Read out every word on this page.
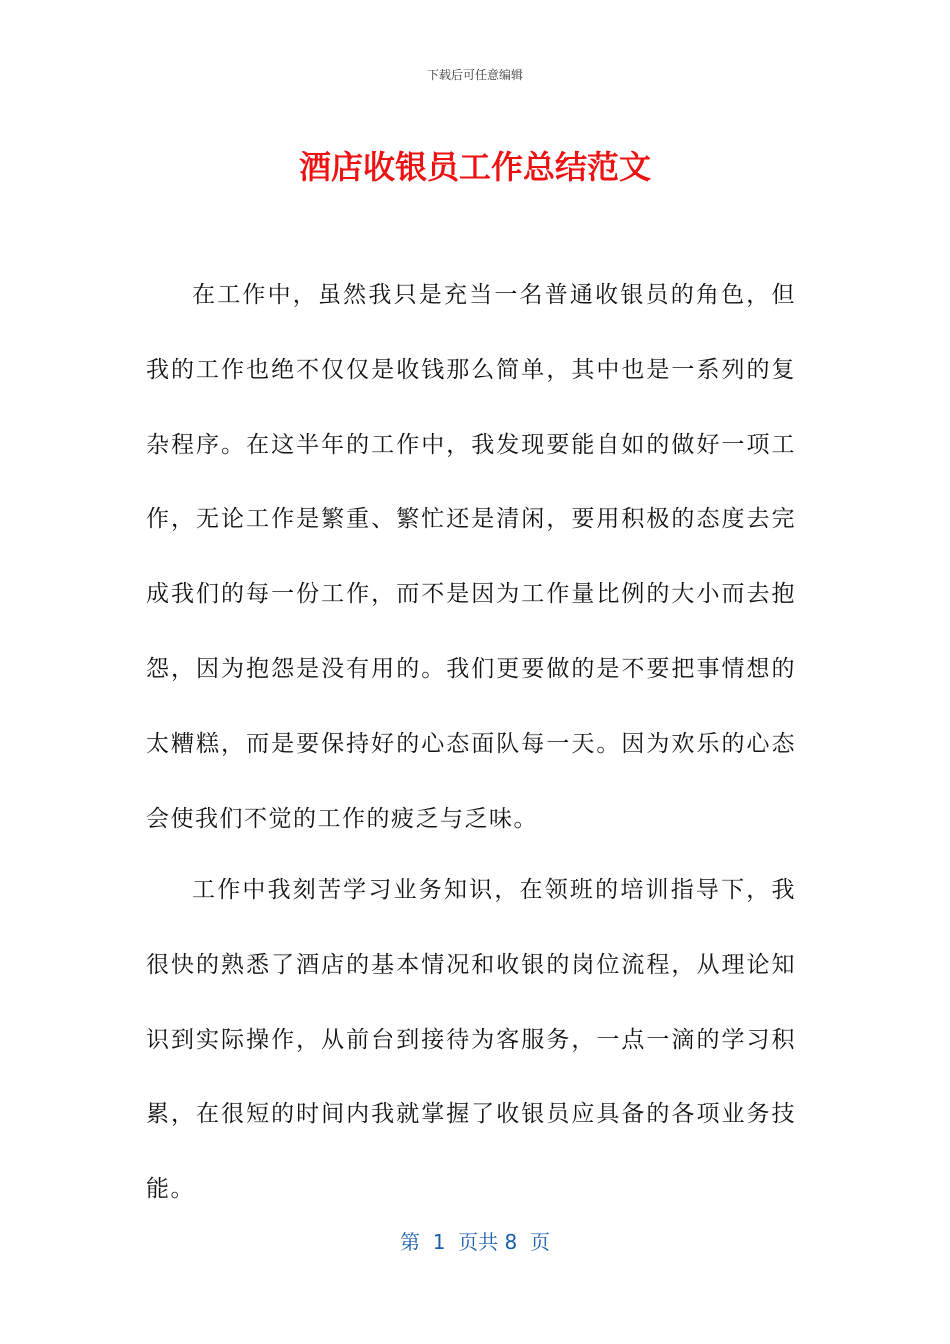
下载后可任意编辑
酒店收银员工作总结范文

在工作中，虽然我只是充当一名普通收银员的角色，但我的工作也绝不仅仅是收钱那么简单，其中也是一系列的复杂程序。在这半年的工作中，我发现要能自如的做好一项工作，无论工作是繁重、繁忙还是清闲，要用积极的态度去完成我们的每一份工作，而不是因为工作量比例的大小而去抱怨，因为抱怨是没有用的。我们更要做的是不要把事情想的太糟糕，而是要保持好的心态面队每一天。因为欢乐的心态会使我们不觉的工作的疲乏与乏味。

工作中我刻苦学习业务知识，在领班的培训指导下，我很快的熟悉了酒店的基本情况和收银的岗位流程，从理论知识到实际操作，从前台到接待为客服务，一点一滴的学习积累，在很短的时间内我就掌握了收银员应具备的各项业务技能。

第  1  页共 8  页
